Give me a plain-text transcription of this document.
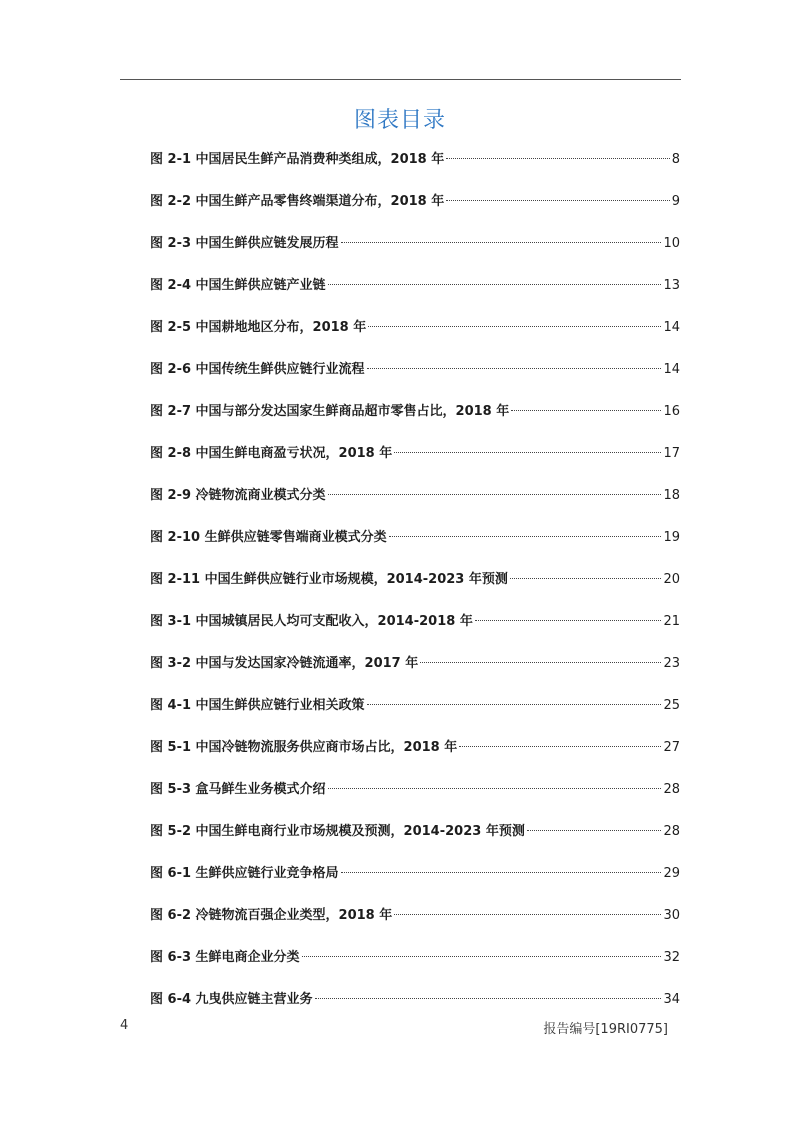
图表目录
图 2-1 中国居民生鲜产品消费种类组成，2018 年	8
图 2-2 中国生鲜产品零售终端渠道分布，2018 年	9
图 2-3 中国生鲜供应链发展历程	10
图 2-4 中国生鲜供应链产业链	13
图 2-5 中国耕地地区分布，2018 年	14
图 2-6 中国传统生鲜供应链行业流程	14
图 2-7 中国与部分发达国家生鲜商品超市零售占比，2018 年	16
图 2-8 中国生鲜电商盈亏状况，2018 年	17
图 2-9 冷链物流商业模式分类	18
图 2-10 生鲜供应链零售端商业模式分类	19
图 2-11 中国生鲜供应链行业市场规模，2014-2023 年预测	20
图 3-1 中国城镇居民人均可支配收入，2014-2018 年	21
图 3-2 中国与发达国家冷链流通率，2017 年	23
图 4-1 中国生鲜供应链行业相关政策	25
图 5-1 中国冷链物流服务供应商市场占比，2018 年	27
图 5-3 盒马鲜生业务模式介绍	28
图 5-2 中国生鲜电商行业市场规模及预测，2014-2023 年预测	28
图 6-1 生鲜供应链行业竞争格局	29
图 6-2 冷链物流百强企业类型，2018 年	30
图 6-3 生鲜电商企业分类	32
图 6-4 九曳供应链主营业务	34
4	报告编号[19RI0775]
